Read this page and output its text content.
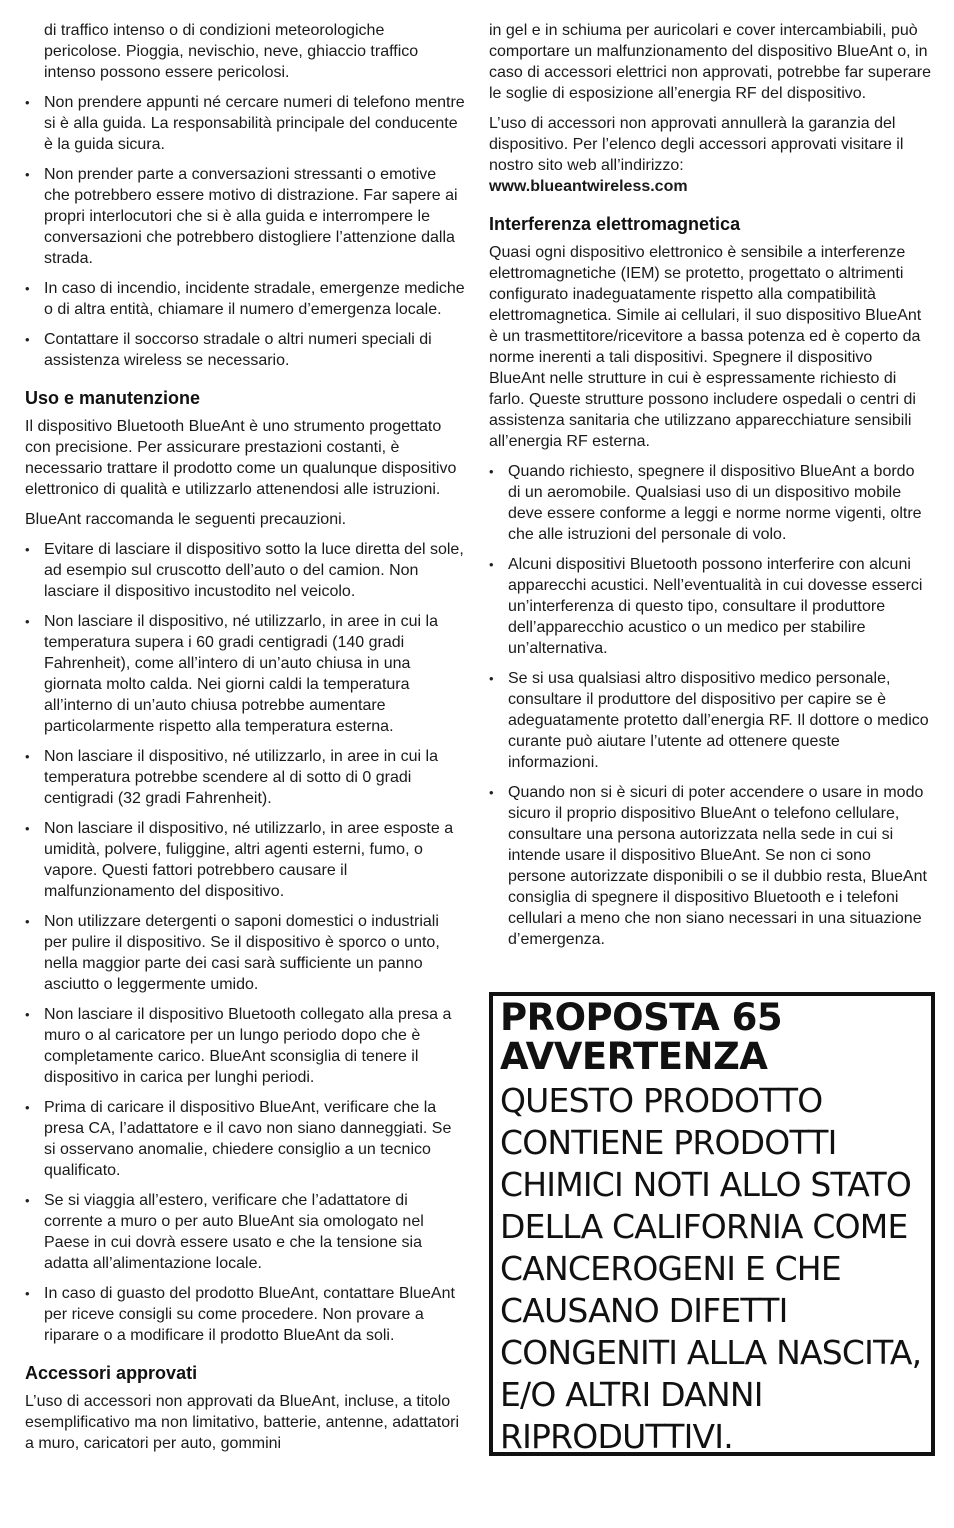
di traffico intenso o di condizioni meteorologiche pericolose. Pioggia, nevischio, neve, ghiaccio traffico intenso possono essere pericolosi.
• Non prendere appunti né cercare numeri di telefono mentre si è alla guida. La responsabilità principale del conducente è la guida sicura.
• Non prender parte a conversazioni stressanti o emotive che potrebbero essere motivo di distrazione. Far sapere ai propri interlocutori che si è alla guida e interrompere le conversazioni che potrebbero distogliere l’attenzione dalla strada.
• In caso di incendio, incidente stradale, emergenze mediche o di altra entità, chiamare il numero d’emergenza locale.
• Contattare il soccorso stradale o altri numeri speciali di assistenza wireless se necessario.
Uso e manutenzione

Il dispositivo Bluetooth BlueAnt è uno strumento progettato con precisione. Per assicurare prestazioni costanti, è necessario trattare il prodotto come un qualunque dispositivo elettronico di qualità e utilizzarlo attenendosi alle istruzioni.

BlueAnt raccomanda le seguenti precauzioni.

• Evitare di lasciare il dispositivo sotto la luce diretta del sole, ad esempio sul cruscotto dell’auto o del camion. Non lasciare il dispositivo incustodito nel veicolo.
• Non lasciare il dispositivo, né utilizzarlo, in aree in cui la temperatura supera i 60 gradi centigradi (140 gradi Fahrenheit), come all’intero di un’auto chiusa in una giornata molto calda. Nei giorni caldi la temperatura all’interno di un’auto chiusa potrebbe aumentare particolarmente rispetto alla temperatura esterna.
• Non lasciare il dispositivo, né utilizzarlo, in aree in cui la temperatura potrebbe scendere al di sotto di 0 gradi centigradi (32 gradi Fahrenheit).
• Non lasciare il dispositivo, né utilizzarlo, in aree esposte a umidità, polvere, fuliggine, altri agenti esterni, fumo, o vapore. Questi fattori potrebbero causare il malfunzionamento del dispositivo.
• Non utilizzare detergenti o saponi domestici o industriali per pulire il dispositivo. Se il dispositivo è sporco o unto, nella maggior parte dei casi sarà sufficiente un panno asciutto o leggermente umido.
• Non lasciare il dispositivo Bluetooth collegato alla presa a muro o al caricatore per un lungo periodo dopo che è completamente carico. BlueAnt sconsiglia di tenere il dispositivo in carica per lunghi periodi.
• Prima di caricare il dispositivo BlueAnt, verificare che la presa CA, l’adattatore e il cavo non siano danneggiati. Se si osservano anomalie, chiedere consiglio a un tecnico qualificato.
• Se si viaggia all’estero, verificare che l’adattatore di corrente a muro o per auto BlueAnt sia omologato nel Paese in cui dovrà essere usato e che la tensione sia adatta all’alimentazione locale.
• In caso di guasto del prodotto BlueAnt, contattare BlueAnt per riceve consigli su come procedere. Non provare a riparare o a modificare il prodotto BlueAnt da soli.
Accessori approvati

L’uso di accessori non approvati da BlueAnt, incluse, a titolo esemplificativo ma non limitativo, batterie, antenne, adattatori a muro, caricatori per auto, gommini

in gel e in schiuma per auricolari e cover intercambiabili, può comportare un malfunzionamento del dispositivo BlueAnt o, in caso di accessori elettrici non approvati, potrebbe far superare le soglie di esposizione all’energia RF del dispositivo.

L’uso di accessori non approvati annullerà la garanzia del dispositivo. Per l’elenco degli accessori approvati visitare il nostro sito web all’indirizzo:
www.blueantwireless.com

Interferenza elettromagnetica

Quasi ogni dispositivo elettronico è sensibile a interferenze elettromagnetiche (IEM) se protetto, progettato o altrimenti configurato inadeguatamente rispetto alla compatibilità elettromagnetica. Simile ai cellulari, il suo dispositivo BlueAnt è un trasmettitore/ricevitore a bassa potenza ed è coperto da norme inerenti a tali dispositivi. Spegnere il dispositivo BlueAnt nelle strutture in cui è espressamente richiesto di farlo. Queste strutture possono includere ospedali o centri di assistenza sanitaria che utilizzano apparecchiature sensibili all’energia RF esterna.

• Quando richiesto, spegnere il dispositivo BlueAnt a bordo di un aeromobile. Qualsiasi uso di un dispositivo mobile deve essere conforme a leggi e norme norme vigenti, oltre che alle istruzioni del personale di volo.
• Alcuni dispositivi Bluetooth possono interferire con alcuni apparecchi acustici. Nell’eventualità in cui dovesse esserci un’interferenza di questo tipo, consultare il produttore dell’apparecchio acustico o un medico per stabilire un’alternativa.
• Se si usa qualsiasi altro dispositivo medico personale, consultare il produttore del dispositivo per capire se è adeguatamente protetto dall’energia RF. Il dottore o medico curante può aiutare l’utente ad ottenere queste informazioni.
• Quando non si è sicuri di poter accendere o usare in modo sicuro il proprio dispositivo BlueAnt o telefono cellulare, consultare una persona autorizzata nella sede in cui si intende usare il dispositivo BlueAnt. Se non ci sono persone autorizzate disponibili o se il dubbio resta, BlueAnt consiglia di spegnere il dispositivo Bluetooth e i telefoni cellulari a meno che non siano necessari in una situazione d’emergenza.
PROPOSTA 65
AVVERTENZA
QUESTO PRODOTTO CONTIENE PRODOTTI CHIMICI NOTI ALLO STATO DELLA CALIFORNIA COME CANCEROGENI E CHE CAUSANO DIFETTI CONGENITI ALLA NASCITA, E/O ALTRI DANNI RIPRODUTTIVI.
